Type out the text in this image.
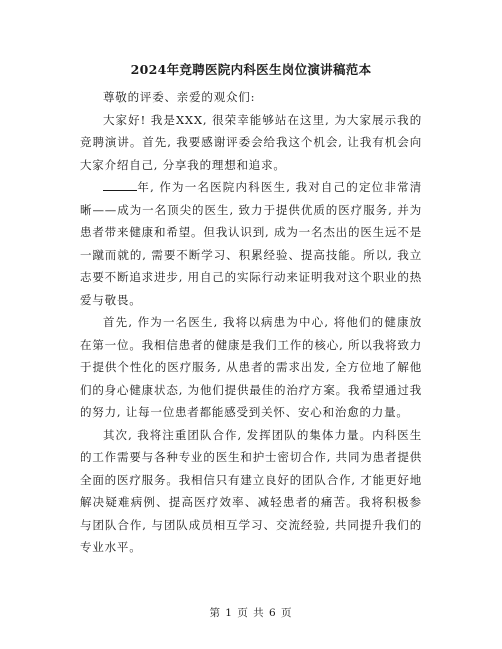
2024年竞聘医院内科医生岗位演讲稿范本

尊敬的评委、亲爱的观众们:

大家好! 我是XXX, 很荣幸能够站在这里, 为大家展示我的竞聘演讲。首先, 我要感谢评委会给我这个机会, 让我有机会向大家介绍自己, 分享我的理想和追求。

年, 作为一名医院内科医生, 我对自己的定位非常清晰——成为一名顶尖的医生, 致力于提供优质的医疗服务, 并为患者带来健康和希望。但我认识到, 成为一名杰出的医生远不是一蹴而就的, 需要不断学习、积累经验、提高技能。所以, 我立志要不断追求进步, 用自己的实际行动来证明我对这个职业的热爱与敬畏。

首先, 作为一名医生, 我将以病患为中心, 将他们的健康放在第一位。我相信患者的健康是我们工作的核心, 所以我将致力于提供个性化的医疗服务, 从患者的需求出发, 全方位地了解他们的身心健康状态, 为他们提供最佳的治疗方案。我希望通过我的努力, 让每一位患者都能感受到关怀、安心和治愈的力量。

其次, 我将注重团队合作, 发挥团队的集体力量。内科医生的工作需要与各种专业的医生和护士密切合作, 共同为患者提供全面的医疗服务。我相信只有建立良好的团队合作, 才能更好地解决疑难病例、提高医疗效率、减轻患者的痛苦。我将积极参与团队合作, 与团队成员相互学习、交流经验, 共同提升我们的专业水平。

第 1 页 共 6 页
